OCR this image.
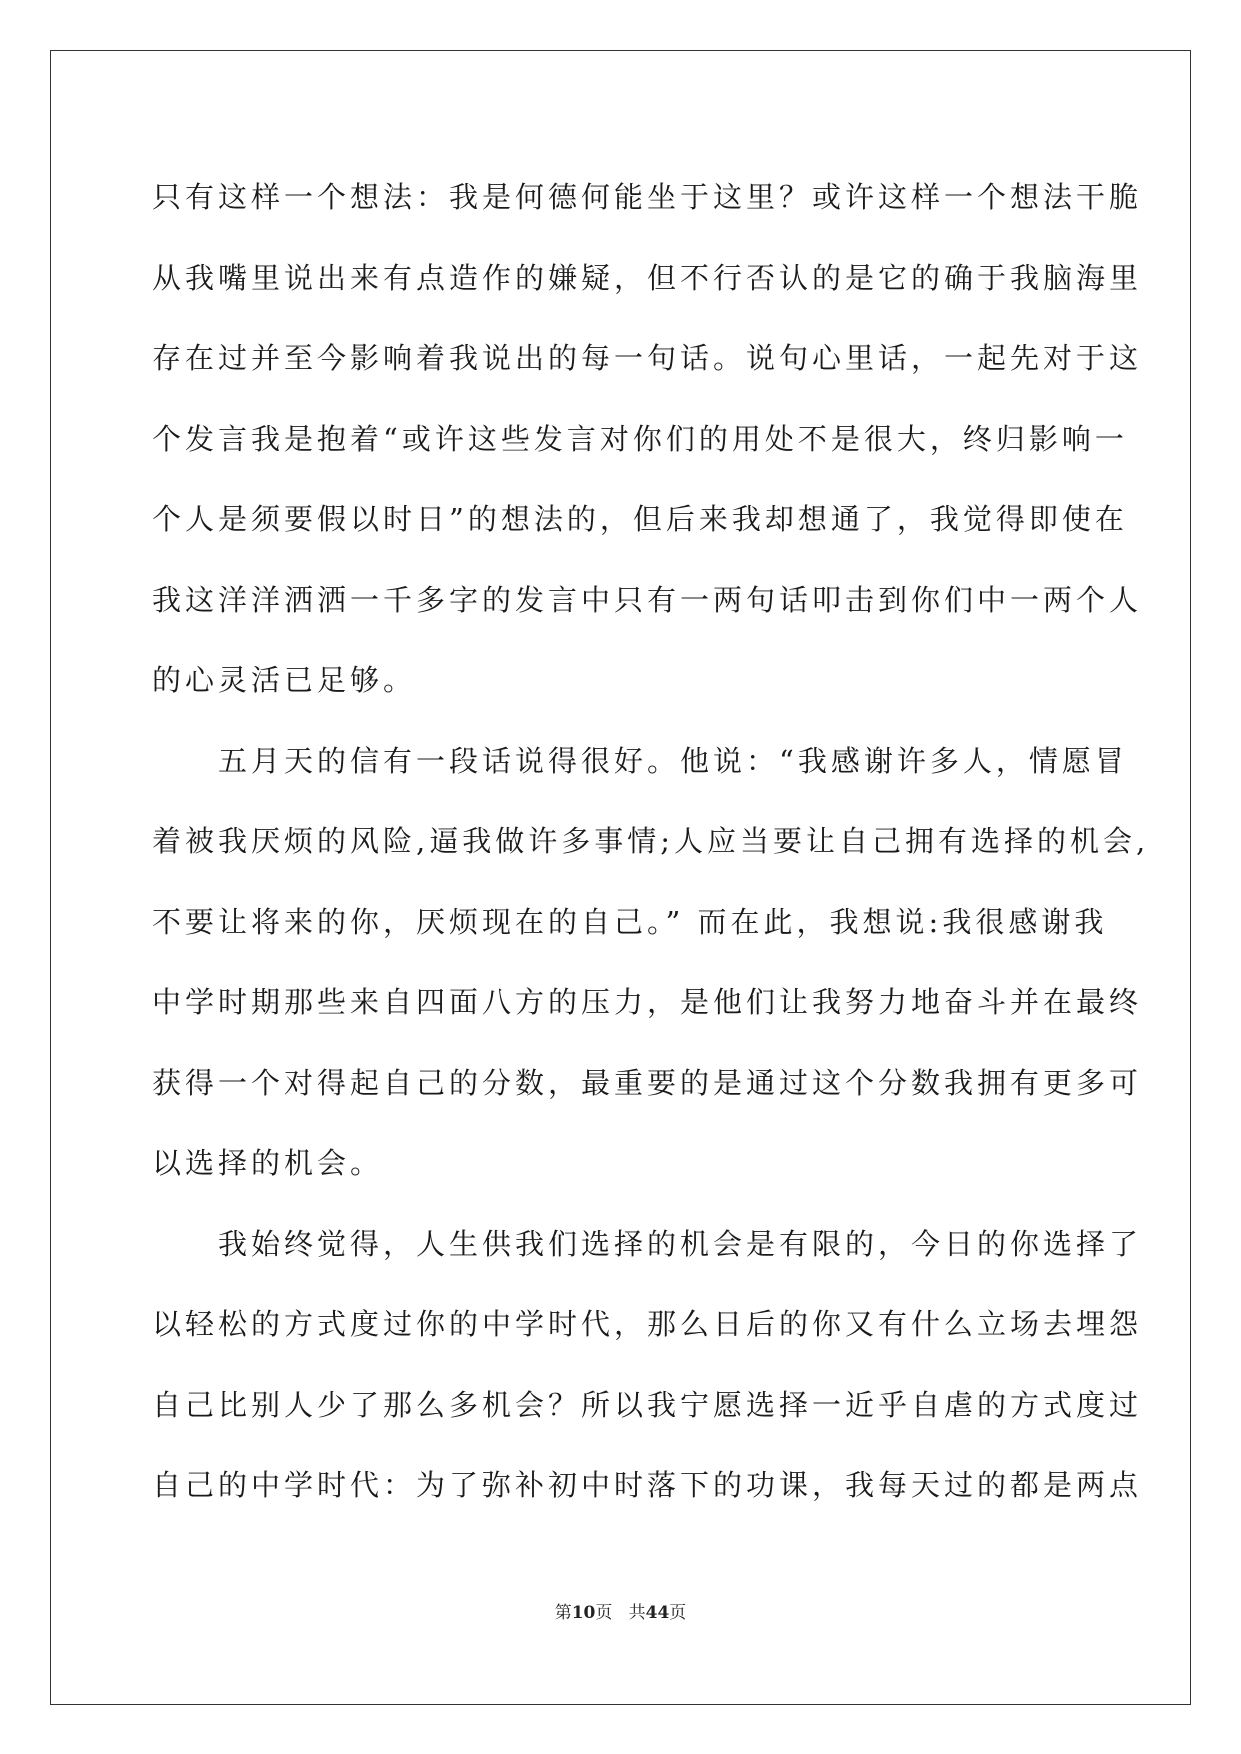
只有这样一个想法：我是何德何能坐于这里？或许这样一个想法干脆
从我嘴里说出来有点造作的嫌疑，但不行否认的是它的确于我脑海里
存在过并至今影响着我说出的每一句话。说句心里话，一起先对于这
个发言我是抱着“或许这些发言对你们的用处不是很大，终归影响一
个人是须要假以时日”的想法的，但后来我却想通了，我觉得即使在
我这洋洋洒洒一千多字的发言中只有一两句话叩击到你们中一两个人
的心灵活已足够。
　　五月天的信有一段话说得很好。他说：“我感谢许多人，情愿冒
着被我厌烦的风险,逼我做许多事情;人应当要让自己拥有选择的机会,
不要让将来的你，厌烦现在的自己。” 而在此，我想说:我很感谢我
中学时期那些来自四面八方的压力，是他们让我努力地奋斗并在最终
获得一个对得起自己的分数，最重要的是通过这个分数我拥有更多可
以选择的机会。
　　我始终觉得，人生供我们选择的机会是有限的，今日的你选择了
以轻松的方式度过你的中学时代，那么日后的你又有什么立场去埋怨
自己比别人少了那么多机会？所以我宁愿选择一近乎自虐的方式度过
自己的中学时代：为了弥补初中时落下的功课，我每天过的都是两点
第10页 共44页
